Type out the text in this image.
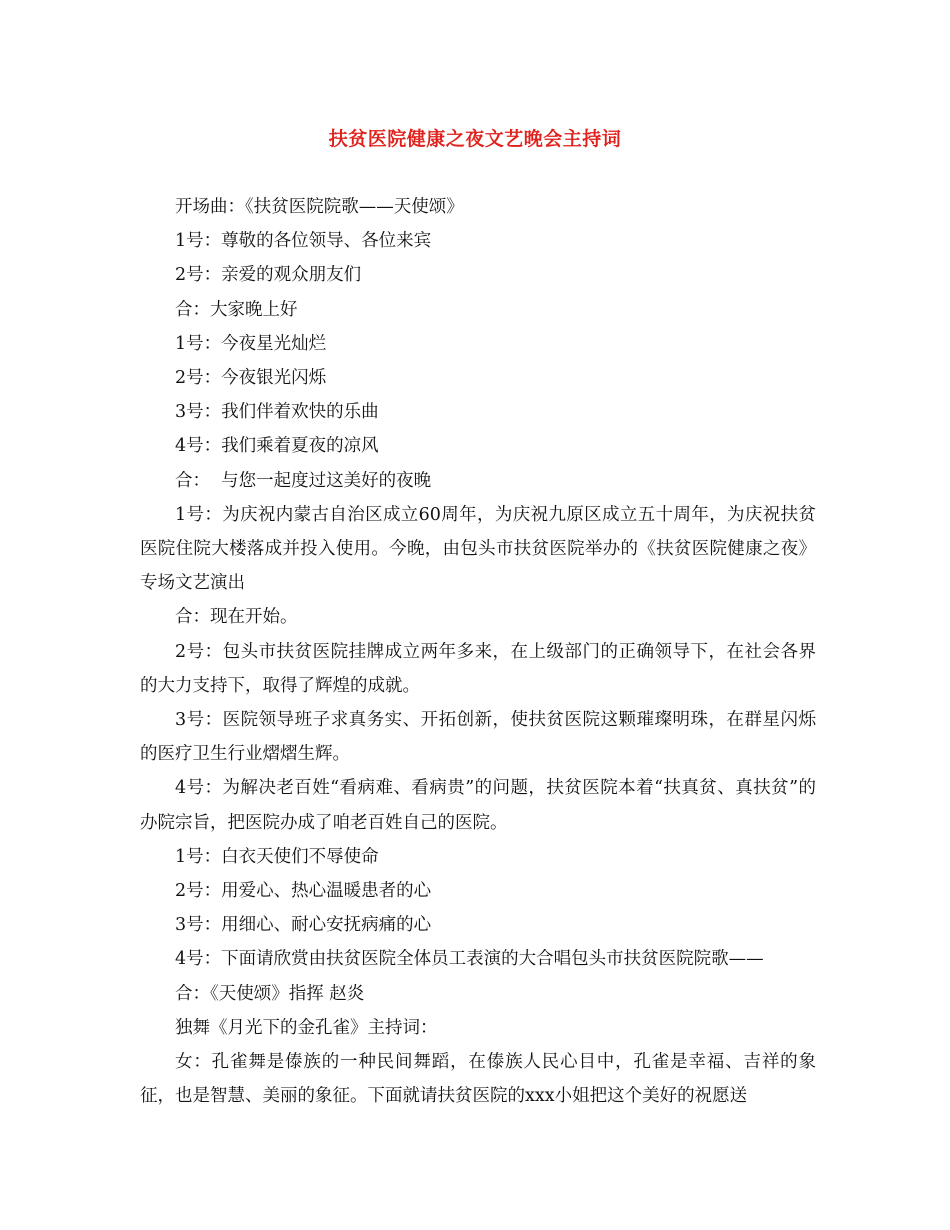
扶贫医院健康之夜文艺晚会主持词

开场曲：《扶贫医院院歌——天使颂》

1号：尊敬的各位领导、各位来宾

2号：亲爱的观众朋友们

合：大家晚上好

1号：今夜星光灿烂

2号：今夜银光闪烁

3号：我们伴着欢快的乐曲

4号：我们乘着夏夜的凉风

合：  与您一起度过这美好的夜晚

1号：为庆祝内蒙古自治区成立60周年，为庆祝九原区成立五十周年，为庆祝扶贫医院住院大楼落成并投入使用。今晚，由包头市扶贫医院举办的《扶贫医院健康之夜》专场文艺演出

合：现在开始。

2号：包头市扶贫医院挂牌成立两年多来，在上级部门的正确领导下，在社会各界的大力支持下，取得了辉煌的成就。

3号：医院领导班子求真务实、开拓创新，使扶贫医院这颗璀璨明珠，在群星闪烁的医疗卫生行业熠熠生辉。

4号：为解决老百姓“看病难、看病贵”的问题，扶贫医院本着“扶真贫、真扶贫”的办院宗旨，把医院办成了咱老百姓自己的医院。

1号：白衣天使们不辱使命

2号：用爱心、热心温暖患者的心

3号：用细心、耐心安抚病痛的心

4号：下面请欣赏由扶贫医院全体员工表演的大合唱包头市扶贫医院院歌——

合：《天使颂》指挥 赵炎

独舞《月光下的金孔雀》主持词：

女：孔雀舞是傣族的一种民间舞蹈，在傣族人民心目中，孔雀是幸福、吉祥的象征，也是智慧、美丽的象征。下面就请扶贫医院的xxx小姐把这个美好的祝愿送
